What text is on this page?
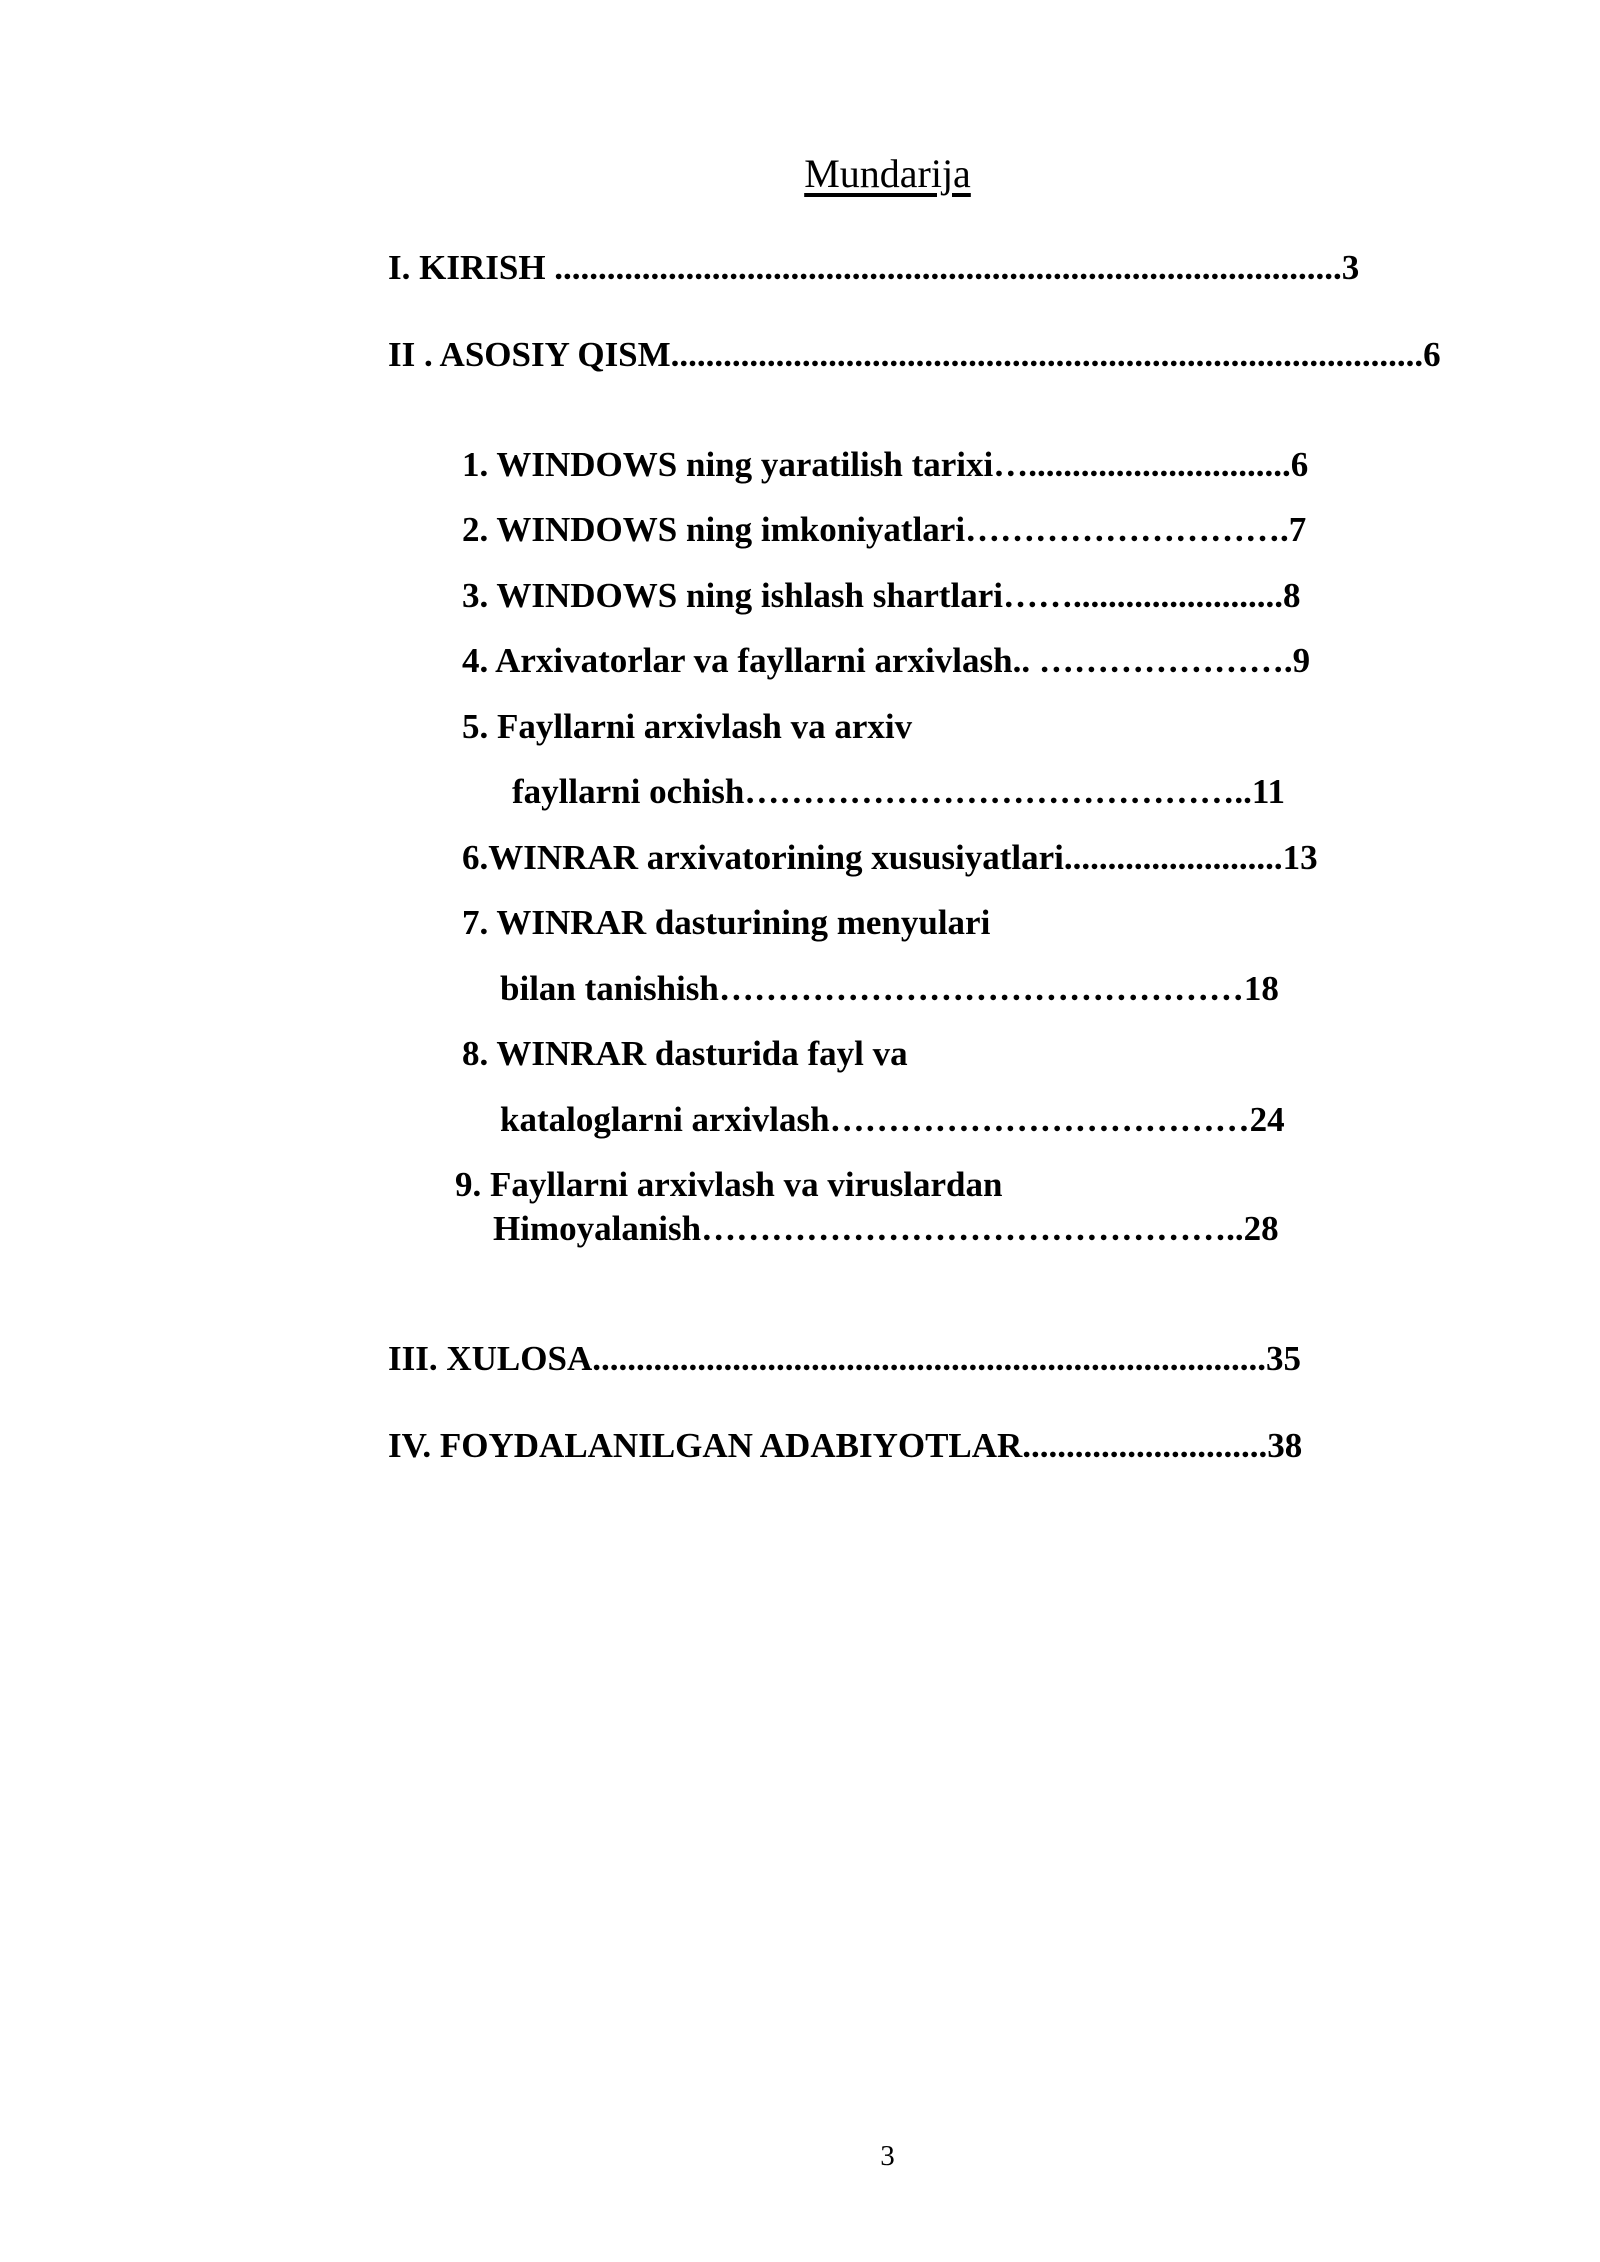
Mundarija
I. KIRISH ..........................................................................................3
II . ASOSIY QISM......................................................................................6
1. WINDOWS ning yaratilish tarixi…..............................6
2. WINDOWS ning imkoniyatlari……………………….7
3. WINDOWS ning ishlash shartlari……........................8
4. Arxivatorlar va fayllarni arxivlash.. ………………….9
5. Fayllarni arxivlash va arxiv
fayllarni ochish……………………………………..11
6.WINRAR arxivatorining xususiyatlari.........................13
7. WINRAR dasturining menyulari
bilan tanishish………………………………………18
8. WINRAR dasturida fayl va
kataloglarni arxivlash………………………………24
9. Fayllarni arxivlash va viruslardan
Himoyalanish………………………………………..28
III. XULOSA.............................................................................35
IV. FOYDALANILGAN ADABIYOTLAR............................38
3
